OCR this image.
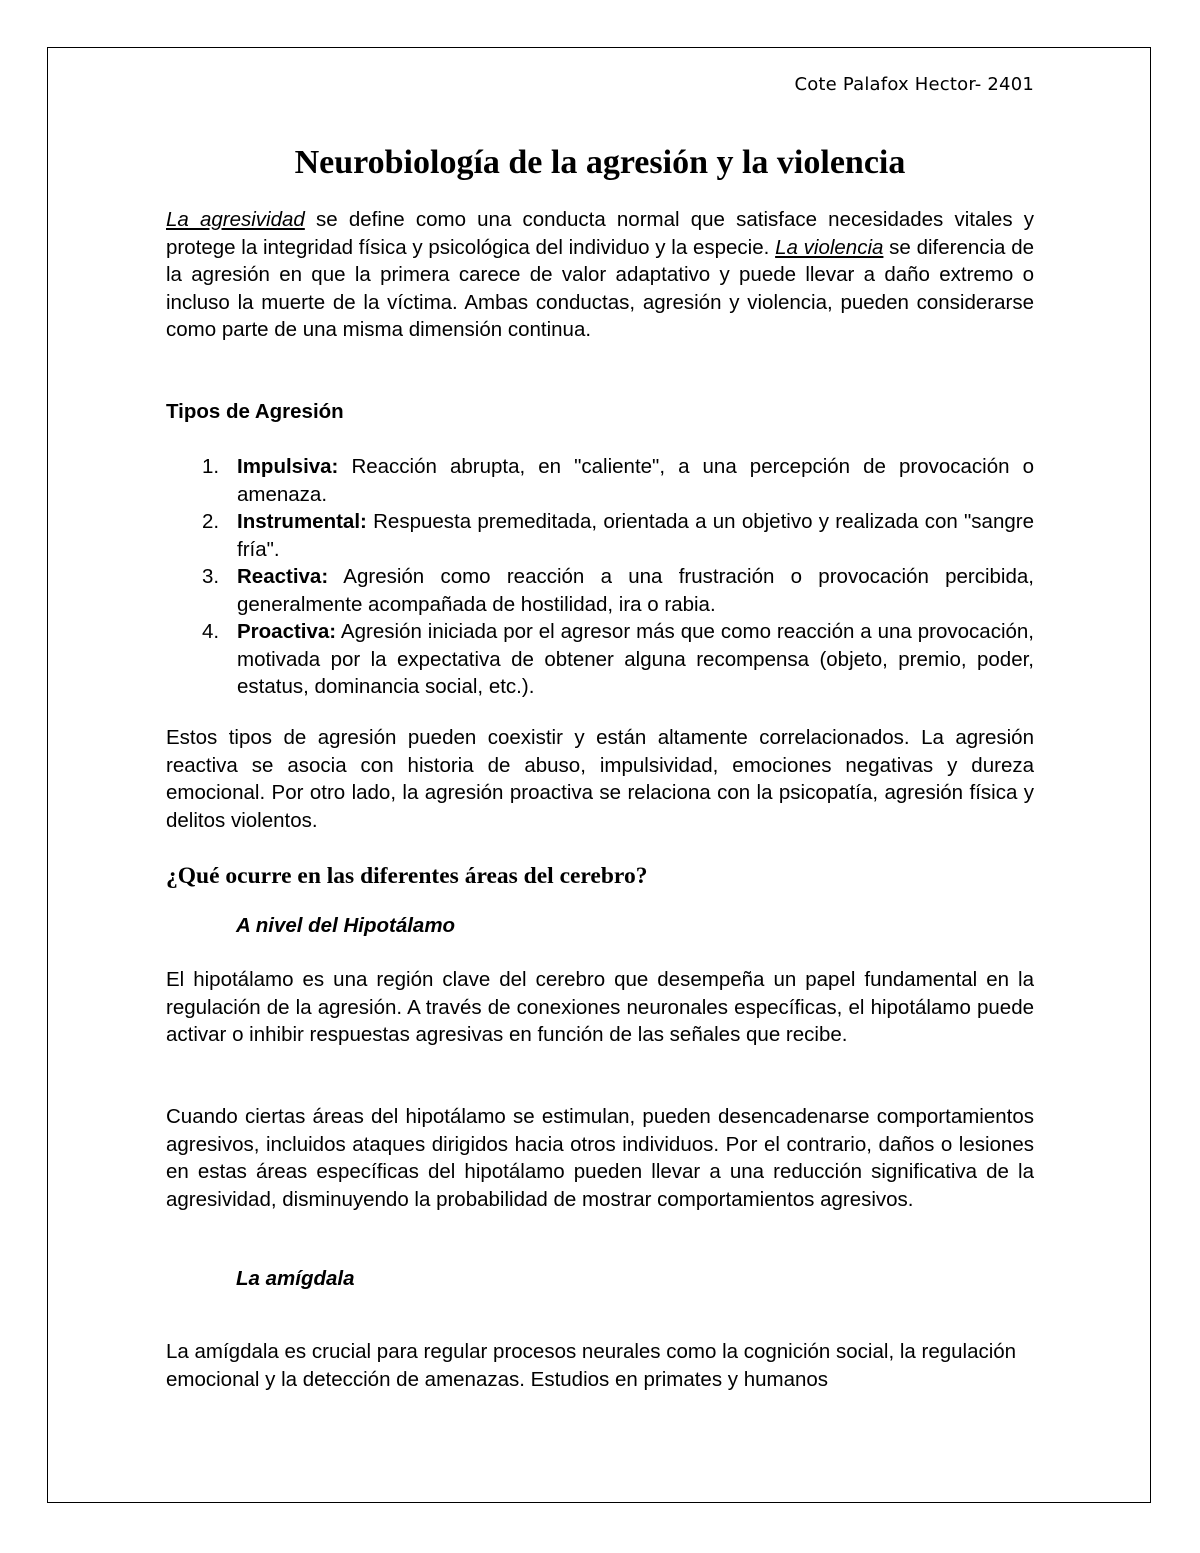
Cote Palafox Hector- 2401
Neurobiología de la agresión y la violencia

La agresividad se define como una conducta normal que satisface necesidades vitales y protege la integridad física y psicológica del individuo y la especie. La violencia se diferencia de la agresión en que la primera carece de valor adaptativo y puede llevar a daño extremo o incluso la muerte de la víctima. Ambas conductas, agresión y violencia, pueden considerarse como parte de una misma dimensión continua.

Tipos de Agresión
1. Impulsiva: Reacción abrupta, en "caliente", a una percepción de provocación o amenaza.
2. Instrumental: Respuesta premeditada, orientada a un objetivo y realizada con "sangre fría".
3. Reactiva: Agresión como reacción a una frustración o provocación percibida, generalmente acompañada de hostilidad, ira o rabia.
4. Proactiva: Agresión iniciada por el agresor más que como reacción a una provocación, motivada por la expectativa de obtener alguna recompensa (objeto, premio, poder, estatus, dominancia social, etc.).

Estos tipos de agresión pueden coexistir y están altamente correlacionados. La agresión reactiva se asocia con historia de abuso, impulsividad, emociones negativas y dureza emocional. Por otro lado, la agresión proactiva se relaciona con la psicopatía, agresión física y delitos violentos.

¿Qué ocurre en las diferentes áreas del cerebro?
A nivel del Hipotálamo

El hipotálamo es una región clave del cerebro que desempeña un papel fundamental en la regulación de la agresión. A través de conexiones neuronales específicas, el hipotálamo puede activar o inhibir respuestas agresivas en función de las señales que recibe.

Cuando ciertas áreas del hipotálamo se estimulan, pueden desencadenarse comportamientos agresivos, incluidos ataques dirigidos hacia otros individuos. Por el contrario, daños o lesiones en estas áreas específicas del hipotálamo pueden llevar a una reducción significativa de la agresividad, disminuyendo la probabilidad de mostrar comportamientos agresivos.

La amígdala

La amígdala es crucial para regular procesos neurales como la cognición social, la regulación emocional y la detección de amenazas. Estudios en primates y humanos
